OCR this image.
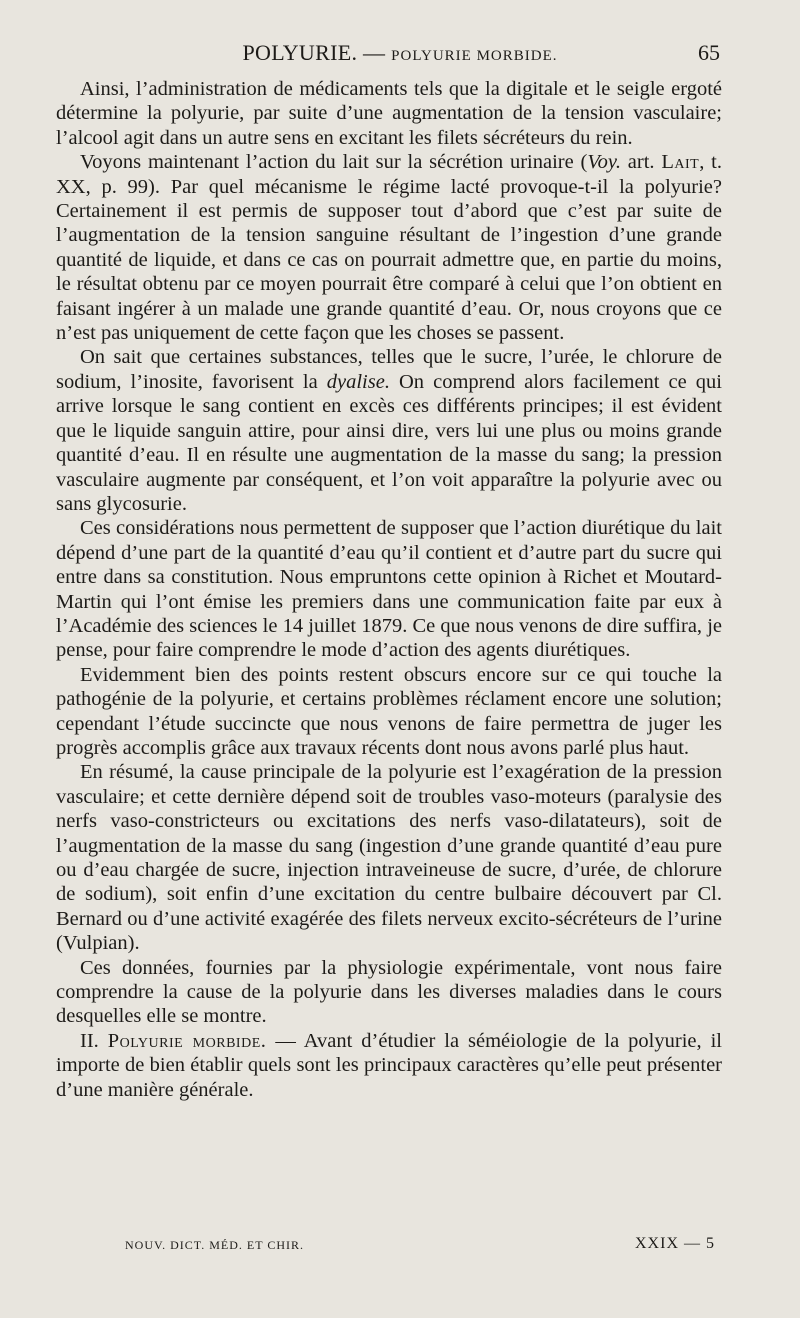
POLYURIE. — POLYURIE MORBIDE.	65

Ainsi, l’administration de médicaments tels que la digitale et le seigle ergoté détermine la polyurie, par suite d’une augmentation de la tension vasculaire; l’alcool agit dans un autre sens en excitant les filets sécréteurs du rein.

Voyons maintenant l’action du lait sur la sécrétion urinaire (Voy. art. Lait, t. XX, p. 99). Par quel mécanisme le régime lacté provoque-t-il la polyurie? Certainement il est permis de supposer tout d’abord que c’est par suite de l’augmentation de la tension sanguine résultant de l’ingestion d’une grande quantité de liquide, et dans ce cas on pourrait admettre que, en partie du moins, le résultat obtenu par ce moyen pourrait être comparé à celui que l’on obtient en faisant ingérer à un malade une grande quantité d’eau. Or, nous croyons que ce n’est pas uniquement de cette façon que les choses se passent.

On sait que certaines substances, telles que le sucre, l’urée, le chlorure de sodium, l’inosite, favorisent la dyalise. On comprend alors facilement ce qui arrive lorsque le sang contient en excès ces différents principes; il est évident que le liquide sanguin attire, pour ainsi dire, vers lui une plus ou moins grande quantité d’eau. Il en résulte une augmentation de la masse du sang; la pression vasculaire augmente par conséquent, et l’on voit apparaître la polyurie avec ou sans glycosurie.

Ces considérations nous permettent de supposer que l’action diurétique du lait dépend d’une part de la quantité d’eau qu’il contient et d’autre part du sucre qui entre dans sa constitution. Nous empruntons cette opinion à Richet et Moutard-Martin qui l’ont émise les premiers dans une communication faite par eux à l’Académie des sciences le 14 juillet 1879. Ce que nous venons de dire suffira, je pense, pour faire comprendre le mode d’action des agents diurétiques.

Evidemment bien des points restent obscurs encore sur ce qui touche la pathogénie de la polyurie, et certains problèmes réclament encore une solution; cependant l’étude succincte que nous venons de faire permettra de juger les progrès accomplis grâce aux travaux récents dont nous avons parlé plus haut.

En résumé, la cause principale de la polyurie est l’exagération de la pression vasculaire; et cette dernière dépend soit de troubles vaso-moteurs (paralysie des nerfs vaso-constricteurs ou excitations des nerfs vaso-dilatateurs), soit de l’augmentation de la masse du sang (ingestion d’une grande quantité d’eau pure ou d’eau chargée de sucre, injection intraveineuse de sucre, d’urée, de chlorure de sodium), soit enfin d’une excitation du centre bulbaire découvert par Cl. Bernard ou d’une activité exagérée des filets nerveux excito-sécréteurs de l’urine (Vulpian).

Ces données, fournies par la physiologie expérimentale, vont nous faire comprendre la cause de la polyurie dans les diverses maladies dans le cours desquelles elle se montre.

II. Polyurie morbide. — Avant d’étudier la séméiologie de la polyurie, il importe de bien établir quels sont les principaux caractères qu’elle peut présenter d’une manière générale.

NOUV. DICT. MÉD. ET CHIR.	XXIX — 5
